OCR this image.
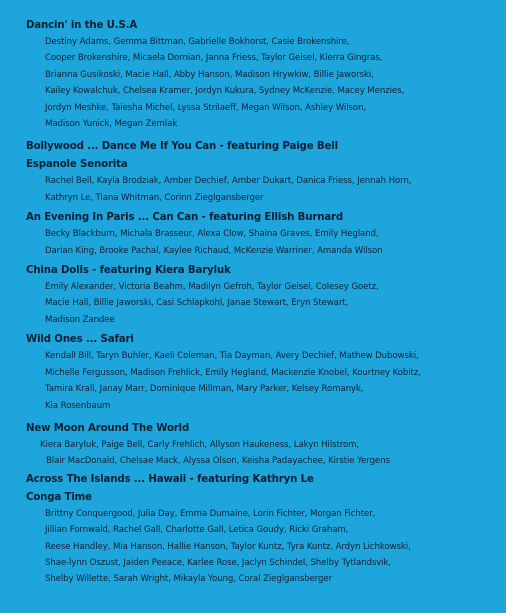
Dancin' in the U.S.A
Destiny Adams, Gemma Bittman, Gabrielle Bokhorst, Casie Brokenshire,
Cooper Brokenshire, Micaela Dornian, Janna Friess, Taylor Geisel, Kierra Gingras,
Brianna Gusikoski, Macie Hall, Abby Hanson, Madison Hrywkiw, Billie Jaworski,
Kailey Kowalchuk, Chelsea Kramer, Jordyn Kukura, Sydney McKenzie, Macey Menzies,
Jordyn Meshke, Taiesha Michel, Lyssa Strilaeff, Megan Wilson, Ashley Wilson,
Madison Yunick, Megan Zemlak
Bollywood ... Dance Me If You Can - featuring Paige Bell
Espanole Senorita
Rachel Bell, Kayla Brodziak, Amber Dechief, Amber Dukart, Danica Friess, Jennah Horn,
Kathryn Le, Tiana Whitman, Corinn Zieglgansberger
An Evening In Paris ... Can Can - featuring Ellish Burnard
Becky Blackburn, Michala Brasseur, Alexa Clow, Shaina Graves, Emily Hegland,
Darian King, Brooke Pachal, Kaylee Richaud, McKenzie Warriner, Amanda Wilson
China Dolls - featuring Kiera Baryluk
Emily Alexander, Victoria Beahm, Madilyn Gefroh, Taylor Geisel, Colesey Goetz,
Macie Hall, Billie Jaworski, Casi Schlapkohl, Janae Stewart, Eryn Stewart,
Madison Zandee
Wild Ones ... Safari
Kendall Bill, Taryn Buhler, Kaeli Coleman, Tia Dayman, Avery Dechief, Mathew Dubowski,
Michelle Fergusson, Madison Frehlick, Emily Hegland, Mackenzie Knobel, Kourtney Kobitz,
Tamira Krall, Janay Marr, Dominique Millman, Mary Parker, Kelsey Romanyk,
Kia Rosenbaum
New Moon Around The World
Kiera Baryluk, Paige Bell, Carly Frehlich, Allyson Haukeness, Lakyn Hilstrom,
Blair MacDonald, Chelsae Mack, Alyssa Olson, Keisha Padayachee, Kirstie Yergens
Across The Islands ... Hawaii - featuring Kathryn Le
Conga Time
Brittny Conquergood, Julia Day, Emma Dumaine, Lorin Fichter, Morgan Fichter,
Jillian Fornwald, Rachel Gall, Charlotte Gall, Letica Goudy, Ricki Graham,
Reese Handley, Mia Hanson, Hallie Hanson, Taylor Kuntz, Tyra Kuntz, Ardyn Lichkowski,
Shae-lynn Oszust, Jaiden Peeace, Karlee Rose, Jaclyn Schindel, Shelby Tytlandsvik,
Shelby Willette, Sarah Wright, Mikayla Young, Coral Zieglgansberger
